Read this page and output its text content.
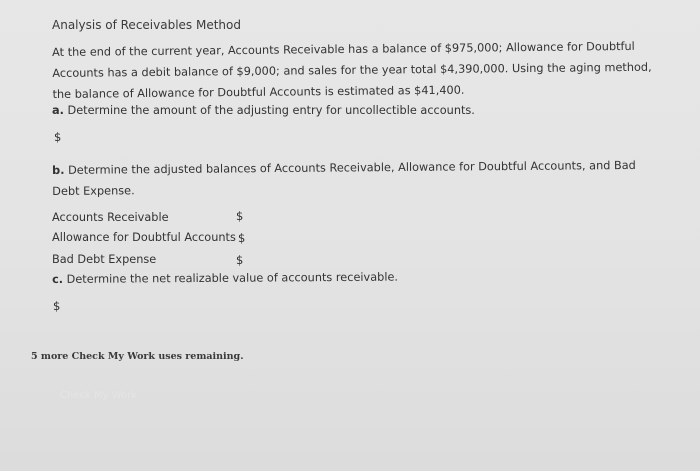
Analysis of Receivables Method
At the end of the current year, Accounts Receivable has a balance of $975,000; Allowance for Doubtful Accounts has a debit balance of $9,000; and sales for the year total $4,390,000. Using the aging method, the balance of Allowance for Doubtful Accounts is estimated as $41,400.
a. Determine the amount of the adjusting entry for uncollectible accounts.
$
b. Determine the adjusted balances of Accounts Receivable, Allowance for Doubtful Accounts, and Bad Debt Expense.
Accounts Receivable	$
Allowance for Doubtful Accounts $
Bad Debt Expense	$
c. Determine the net realizable value of accounts receivable.
$
5 more Check My Work uses remaining.
Check My Work
